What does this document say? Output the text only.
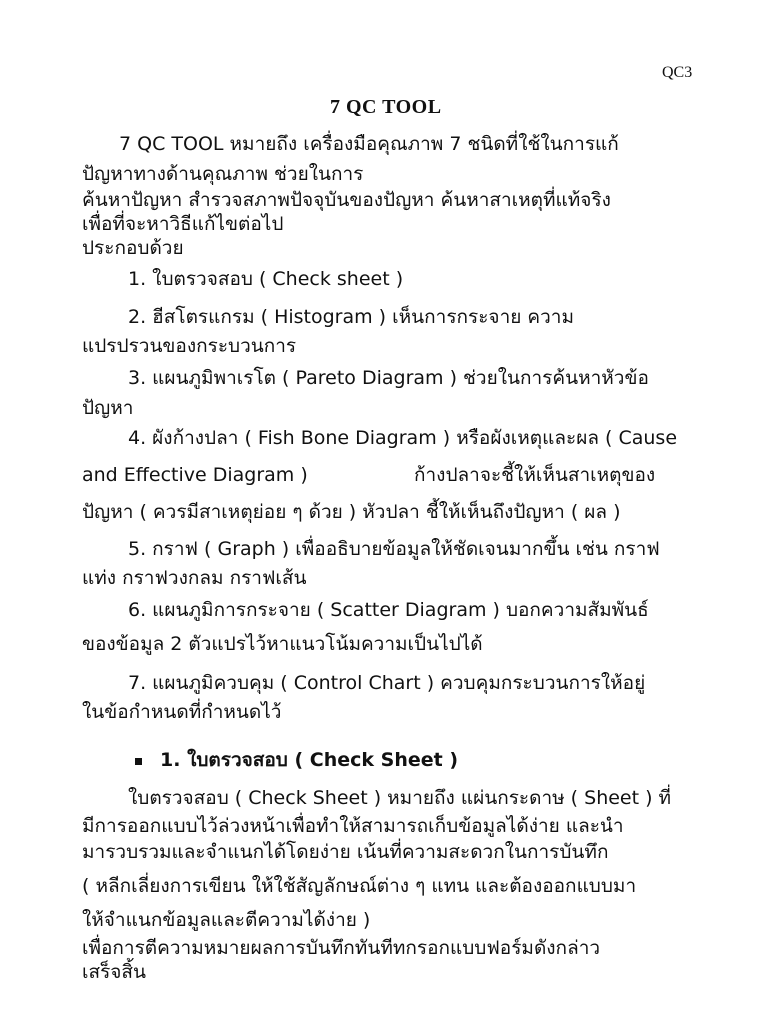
QC3
7 QC TOOL
7 QC TOOL หมายถึง เครื่องมือคุณภาพ 7 ชนิดที่ใช้ในการแก้
ปัญหาทางด้านคุณภาพ ช่วยในการ
ค้นหาปัญหา สำรวจสภาพปัจจุบันของปัญหา ค้นหาสาเหตุที่แท้จริง
เพื่อที่จะหาวิธีแก้ไขต่อไป
ประกอบด้วย
1. ใบตรวจสอบ ( Check sheet )
2. ฮีสโตรแกรม ( Histogram ) เห็นการกระจาย ความ
แปรปรวนของกระบวนการ
3. แผนภูมิพาเรโต ( Pareto Diagram ) ช่วยในการค้นหาหัวข้อ
ปัญหา
4. ผังก้างปลา ( Fish Bone Diagram ) หรือผังเหตุและผล ( Cause
and Effective Diagram )	ก้างปลาจะชี้ให้เห็นสาเหตุของ
ปัญหา ( ควรมีสาเหตุย่อย ๆ ด้วย ) หัวปลา ชี้ให้เห็นถึงปัญหา ( ผล )
5. กราฟ ( Graph ) เพื่ออธิบายข้อมูลให้ชัดเจนมากขึ้น เช่น กราฟ
แท่ง กราฟวงกลม กราฟเส้น
6. แผนภูมิการกระจาย ( Scatter Diagram ) บอกความสัมพันธ์
ของข้อมูล 2 ตัวแปรไว้หาแนวโน้มความเป็นไปได้
7. แผนภูมิควบคุม ( Control Chart ) ควบคุมกระบวนการให้อยู่
ในข้อกำหนดที่กำหนดไว้
1. ใบตรวจสอบ ( Check Sheet )
ใบตรวจสอบ ( Check Sheet ) หมายถึง แผ่นกระดาษ ( Sheet ) ที่
มีการออกแบบไว้ล่วงหน้าเพื่อทำให้สามารถเก็บข้อมูลได้ง่าย และนำ
มารวบรวมและจำแนกได้โดยง่าย เน้นที่ความสะดวกในการบันทึก
( หลีกเลี่ยงการเขียน ให้ใช้สัญลักษณ์ต่าง ๆ แทน และต้องออกแบบมา
ให้จำแนกข้อมูลและตีความได้ง่าย )
เพื่อการตีความหมายผลการบันทึกทันทีทกรอกแบบฟอร์มดังกล่าว
เสร็จสิ้น
